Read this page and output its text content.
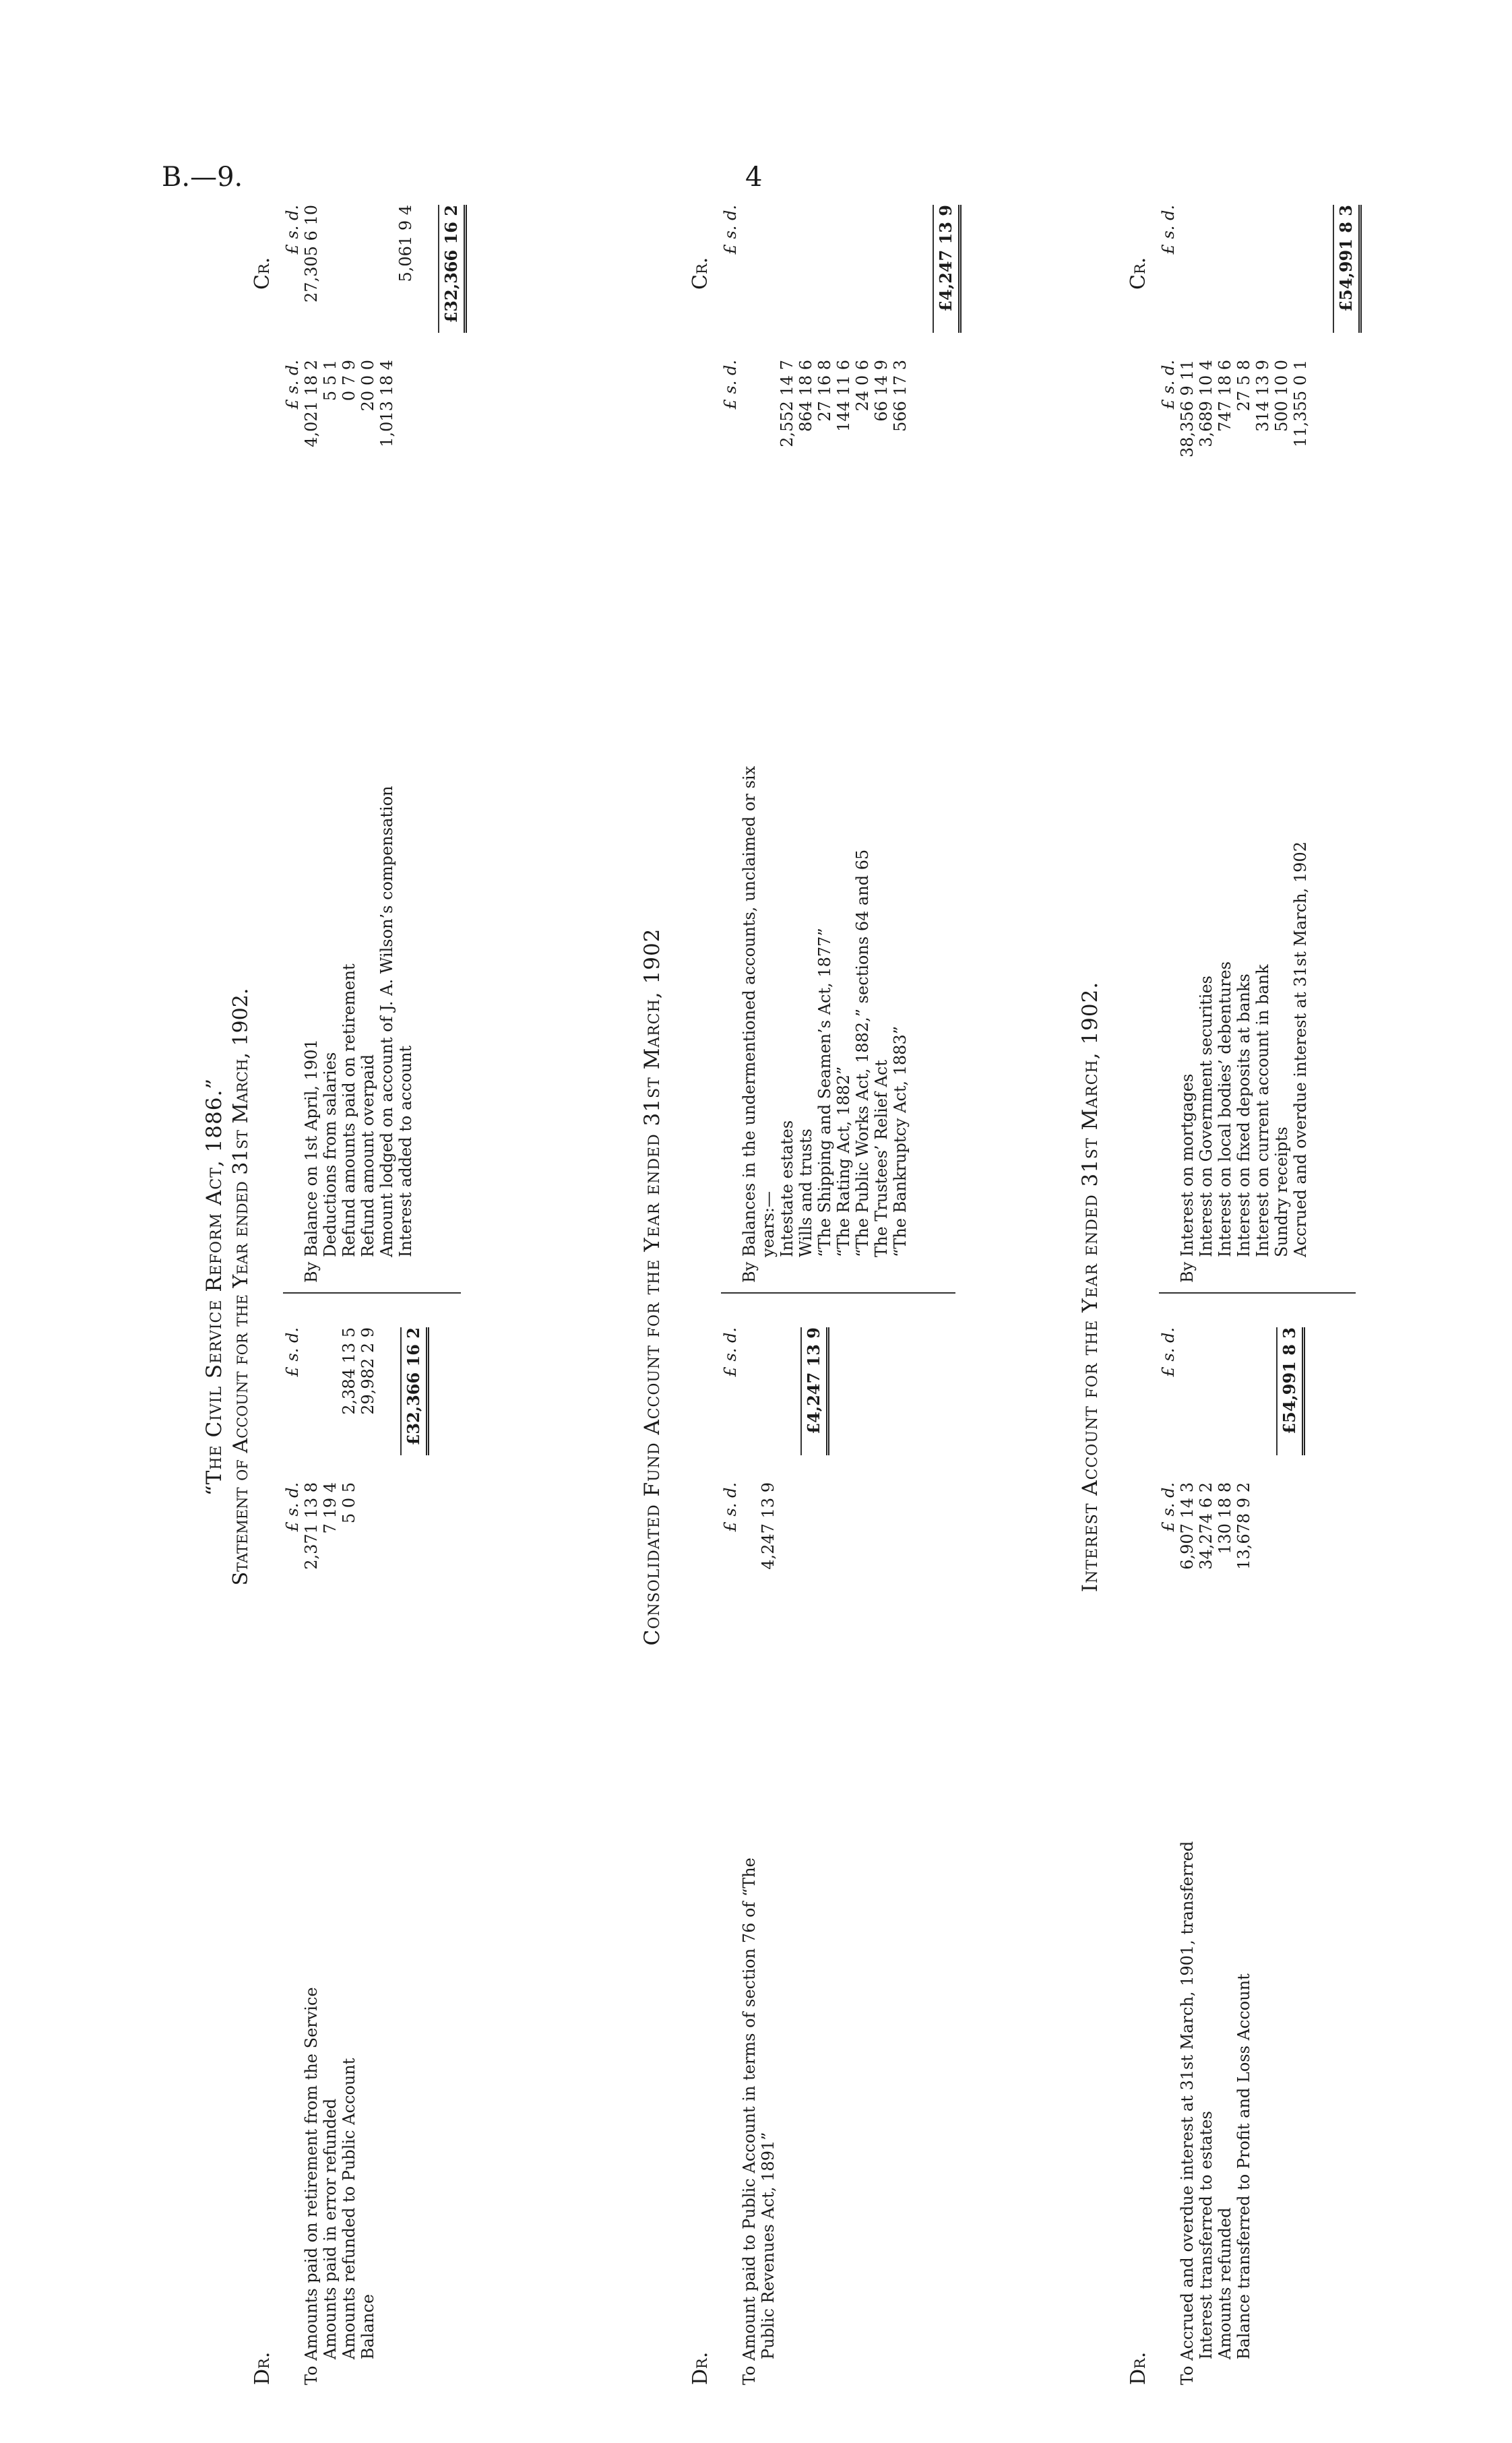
B.—9.	4
“The Civil Service Reform Act, 1886.” Statement of Account for the Year ended 31st March, 1902.
Dr.
Cr.
£ s. d.
£ s. d.
To Amounts paid on retirement from the Service
2,371 13 8
Amounts paid in error refunded
7 19 4
Amounts refunded to Public Account
5 0 5
2,384 13 5
Balance
29,982 2 9 £32,366 16 2
£ s. d.
£ s. d.
By Balance on 1st April, 1901
4,021 18 2
27,305 6 10
Deductions from salaries
5 5 1
Refund amounts paid on retirement
0 7 9
Refund amount overpaid
20 0 0
Amount lodged on account of J. A. Wilson’s compensation
1,013 18 4
Interest added to account
5,061 9 4 £32,366 16 2
Consolidated Fund Account for the Year ended 31st March, 1902
Dr.
Cr.
£ s. d.
£ s. d.
To Amount paid to Public Account in terms of section 76 of “The Public Revenues Act, 1891”
4,247 13 9
£4,247 13 9
£ s. d.
£ s. d.
By Balances in the undermentioned accounts, unclaimed or six years:— Intestate estates
2,552 14 7
Wills and trusts
864 18 6
“The Shipping and Seamen’s Act, 1877”
27 16 8
“The Rating Act, 1882”
144 11 6
“The Public Works Act, 1882,” sections 64 and 65
24 0 6
The Trustees’ Relief Act
66 14 9
“The Bankruptcy Act, 1883”
566 17 3
£4,247 13 9
Interest Account for the Year ended 31st March, 1902.
Dr.
Cr.
£ s. d.
£ s. d.
To Accrued and overdue interest at 31st March, 1901, transferred
6,907 14 3
Interest transferred to estates
34,274 6 2
Amounts refunded
130 18 8
Balance transferred to Profit and Loss Account
13,678 9 2
£54,991 8 3
£ s. d.
£ s. d.
By Interest on mortgages
38,356 9 11
Interest on Government securities
3,689 10 4
Interest on local bodies’ debentures
747 18 6
Interest on fixed deposits at banks
27 5 8
Interest on current account in bank
314 13 9
Sundry receipts
500 10 0
Accrued and overdue interest at 31st March, 1902
11,355 0 1
£54,991 8 3
